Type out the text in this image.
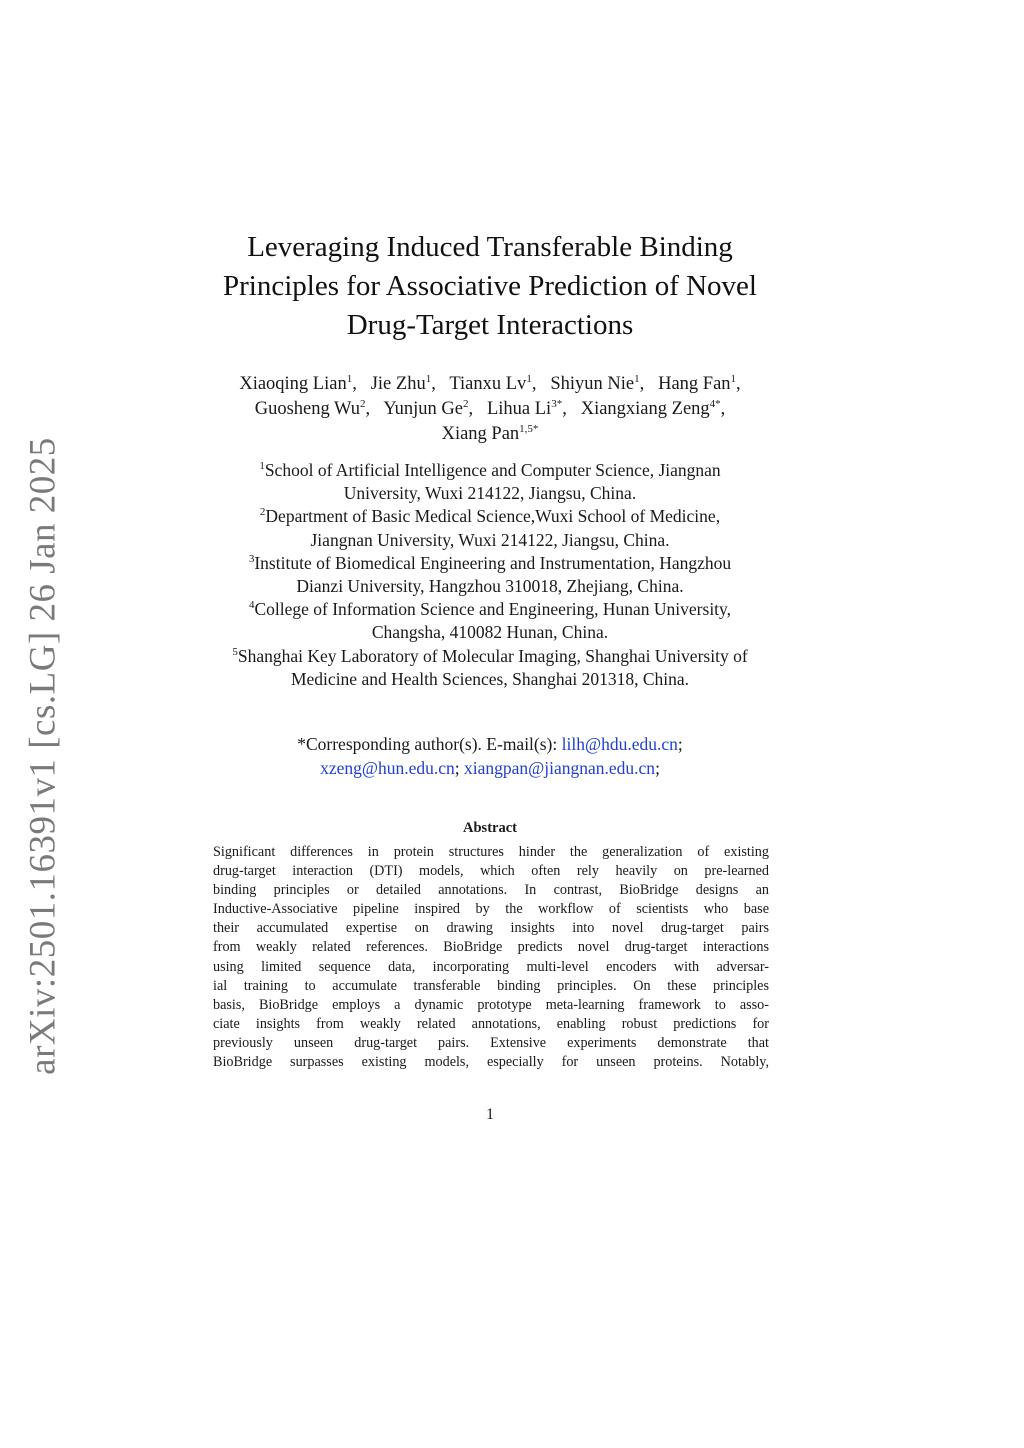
arXiv:2501.16391v1 [cs.LG] 26 Jan 2025
Leveraging Induced Transferable Binding
Principles for Associative Prediction of Novel
Drug-Target Interactions
Xiaoqing Lian$^1$, Jie Zhu$^1$, Tianxu Lv$^1$, Shiyun Nie$^1$, Hang Fan$^1$,
Guosheng Wu$^2$, Yunjun Ge$^2$, Lihua $Li^{3*}$, Xiangxiang Zeng$^{4*}$,
Xiang Pan$^{1,5*}$
$^1$School of Artificial Intelligence and Computer Science, Jiangnan
University, Wuxi 214122, Jiangsu, China.
$^2$Department of Basic Medical Science,Wuxi School of Medicine,
Jiangnan University, Wuxi 214122, Jiangsu, China.
$^3$Institute of Biomedical Engineering and Instrumentation, Hangzhou
Dianzi University, Hangzhou 310018, Zhejiang, China.
$^4$College of Information Science and Engineering, Hunan University,
Changsha, 410082 Hunan, China.
$^5$Shanghai Key Laboratory of Molecular Imaging, Shanghai University of
Medicine and Health Sciences, Shanghai 201318, China.
*Corresponding author(s). E-mail(s): lilh@hdu.edu.cn;
xzeng@hun.edu.cn; xiangpan@jiangnan.edu.cn;
Abstract
Significant differences in protein structures hinder the generalization of existing
drug-target interaction (DTI) models, which often rely heavily on pre-learned
binding principles or detailed annotations. In contrast, BioBridge designs an
Inductive-Associative pipeline inspired by the workflow of scientists who base
their accumulated expertise on drawing insights into novel drug-target pairs
from weakly related references. BioBridge predicts novel drug-target interactions
using limited sequence data, incorporating multi-level encoders with adversar-
ial training to accumulate transferable binding principles. On these principles
basis, BioBridge employs a dynamic prototype meta-learning framework to asso-
ciate insights from weakly related annotations, enabling robust predictions for
previously unseen drug-target pairs. Extensive experiments demonstrate that
BioBridge surpasses existing models, especially for unseen proteins. Notably,
1
